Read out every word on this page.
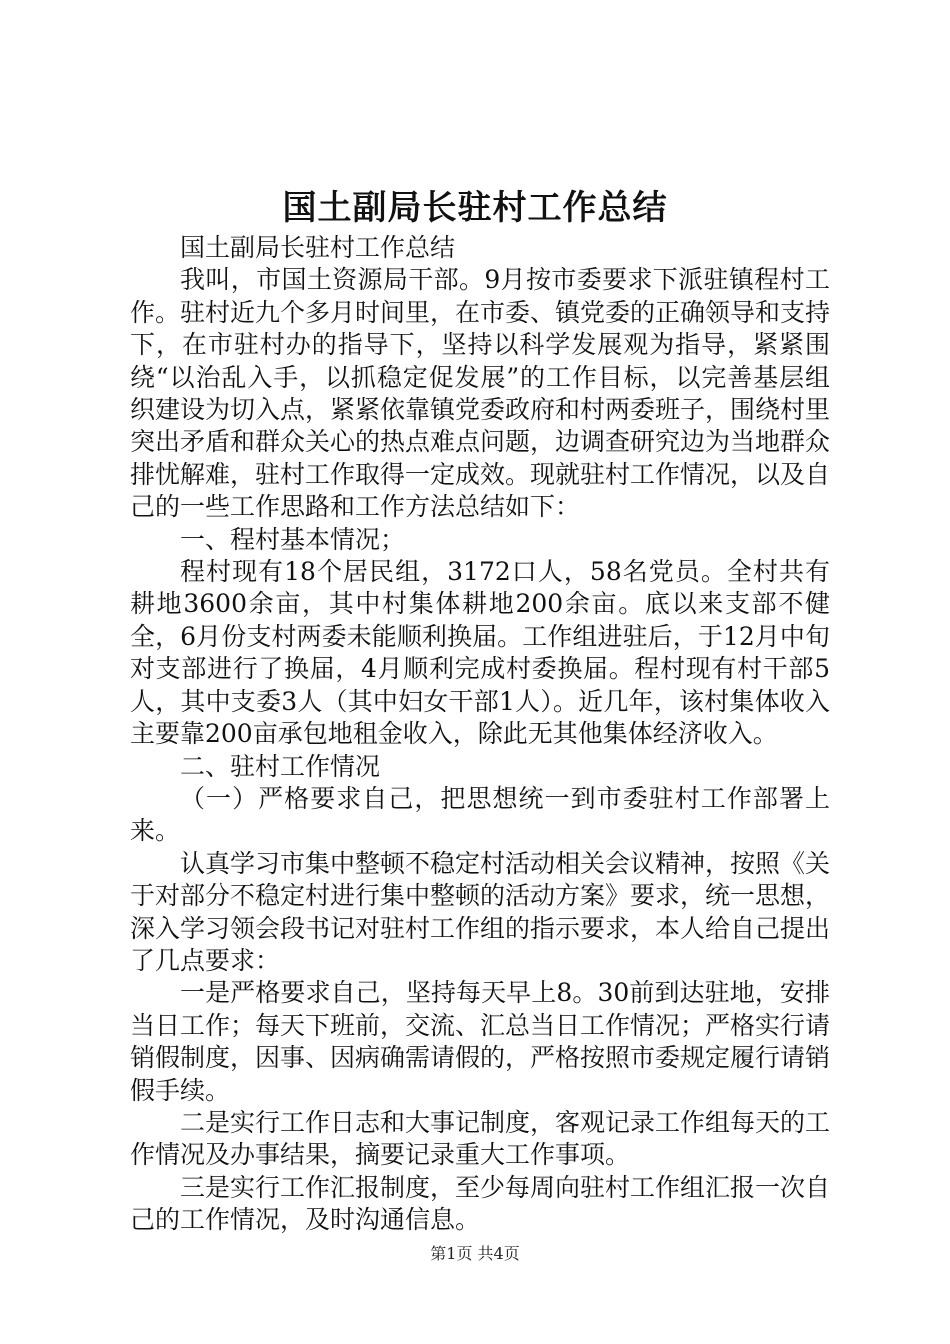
国土副局长驻村工作总结

国土副局长驻村工作总结

我叫，市国土资源局干部。9月按市委要求下派驻镇程村工作。驻村近九个多月时间里，在市委、镇党委的正确领导和支持下，在市驻村办的指导下，坚持以科学发展观为指导，紧紧围绕“以治乱入手，以抓稳定促发展”的工作目标，以完善基层组织建设为切入点，紧紧依靠镇党委政府和村两委班子，围绕村里突出矛盾和群众关心的热点难点问题，边调查研究边为当地群众排忧解难，驻村工作取得一定成效。现就驻村工作情况，以及自己的一些工作思路和工作方法总结如下：

一、程村基本情况；

程村现有18个居民组，3172口人，58名党员。全村共有耕地3600余亩，其中村集体耕地200余亩。底以来支部不健全，6月份支村两委未能顺利换届。工作组进驻后，于12月中旬对支部进行了换届，4月顺利完成村委换届。程村现有村干部5人，其中支委3人（其中妇女干部1人）。近几年，该村集体收入主要靠200亩承包地租金收入，除此无其他集体经济收入。

二、驻村工作情况

（一）严格要求自己，把思想统一到市委驻村工作部署上来。

认真学习市集中整顿不稳定村活动相关会议精神，按照《关于对部分不稳定村进行集中整顿的活动方案》要求，统一思想，深入学习领会段书记对驻村工作组的指示要求，本人给自己提出了几点要求：

一是严格要求自己，坚持每天早上8。30前到达驻地，安排当日工作；每天下班前，交流、汇总当日工作情况；严格实行请销假制度，因事、因病确需请假的，严格按照市委规定履行请销假手续。

二是实行工作日志和大事记制度，客观记录工作组每天的工作情况及办事结果，摘要记录重大工作事项。

三是实行工作汇报制度，至少每周向驻村工作组汇报一次自己的工作情况，及时沟通信息。

第1页 共4页
